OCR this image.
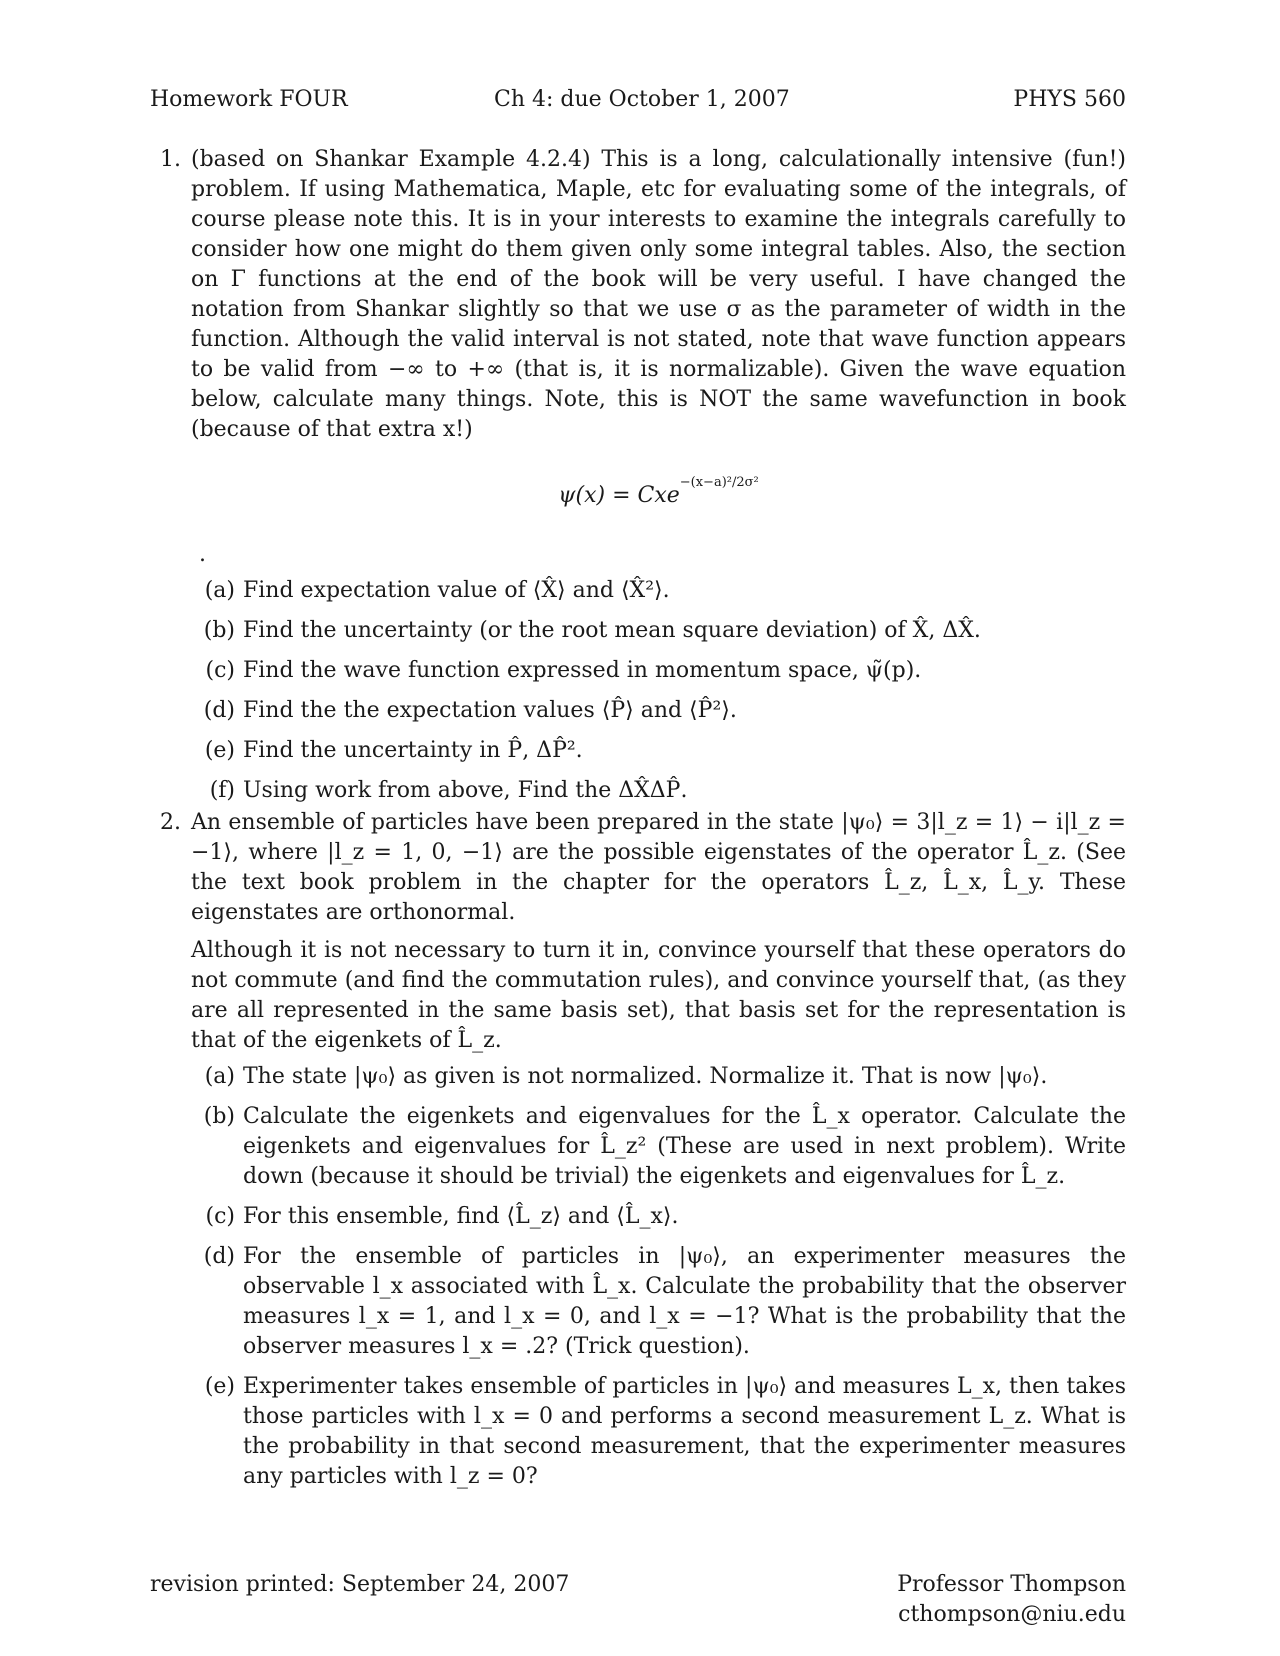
Homework FOUR	Ch 4: due October 1, 2007	PHYS 560
1. (based on Shankar Example 4.2.4) This is a long, calculationally intensive (fun!) problem. If using Mathematica, Maple, etc for evaluating some of the integrals, of course please note this. It is in your interests to examine the integrals carefully to consider how one might do them given only some integral tables. Also, the section on Γ functions at the end of the book will be very useful. I have changed the notation from Shankar slightly so that we use σ as the parameter of width in the function. Although the valid interval is not stated, note that wave function appears to be valid from −∞ to +∞ (that is, it is normalizable). Given the wave equation below, calculate many things. Note, this is NOT the same wavefunction in book (because of that extra x!)
ψ(x) = Cxe$^{-(x-a)^2/2\sigma^2}$
.
(a) Find expectation value of ⟨X̂⟩ and ⟨X̂²⟩.
(b) Find the uncertainty (or the root mean square deviation) of X̂, ΔX̂.
(c) Find the wave function expressed in momentum space, ψ̃(p).
(d) Find the the expectation values ⟨P̂⟩ and ⟨P̂²⟩.
(e) Find the uncertainty in P̂, ΔP̂².
(f) Using work from above, Find the ΔX̂ΔP̂.
2. An ensemble of particles have been prepared in the state |ψ₀⟩ = 3|l_z = 1⟩ − i|l_z = −1⟩, where |l_z = 1, 0, −1⟩ are the possible eigenstates of the operator L̂_z. (See the text book problem in the chapter for the operators L̂_z, L̂_x, L̂_y. These eigenstates are orthonormal.
Although it is not necessary to turn it in, convince yourself that these operators do not commute (and find the commutation rules), and convince yourself that, (as they are all represented in the same basis set), that basis set for the representation is that of the eigenkets of L̂_z.
(a) The state |ψ₀⟩ as given is not normalized. Normalize it. That is now |ψ₀⟩.
(b) Calculate the eigenkets and eigenvalues for the L̂_x operator. Calculate the eigenkets and eigenvalues for L̂_z² (These are used in next problem). Write down (because it should be trivial) the eigenkets and eigenvalues for L̂_z.
(c) For this ensemble, find ⟨L̂_z⟩ and ⟨L̂_x⟩.
(d) For the ensemble of particles in |ψ₀⟩, an experimenter measures the observable l_x associated with L̂_x. Calculate the probability that the observer measures l_x = 1, and l_x = 0, and l_x = −1? What is the probability that the observer measures l_x = .2? (Trick question).
(e) Experimenter takes ensemble of particles in |ψ₀⟩ and measures L_x, then takes those particles with l_x = 0 and performs a second measurement L_z. What is the probability in that second measurement, that the experimenter measures any particles with l_z = 0?
revision printed: September 24, 2007	Professor Thompson
cthompson@niu.edu
